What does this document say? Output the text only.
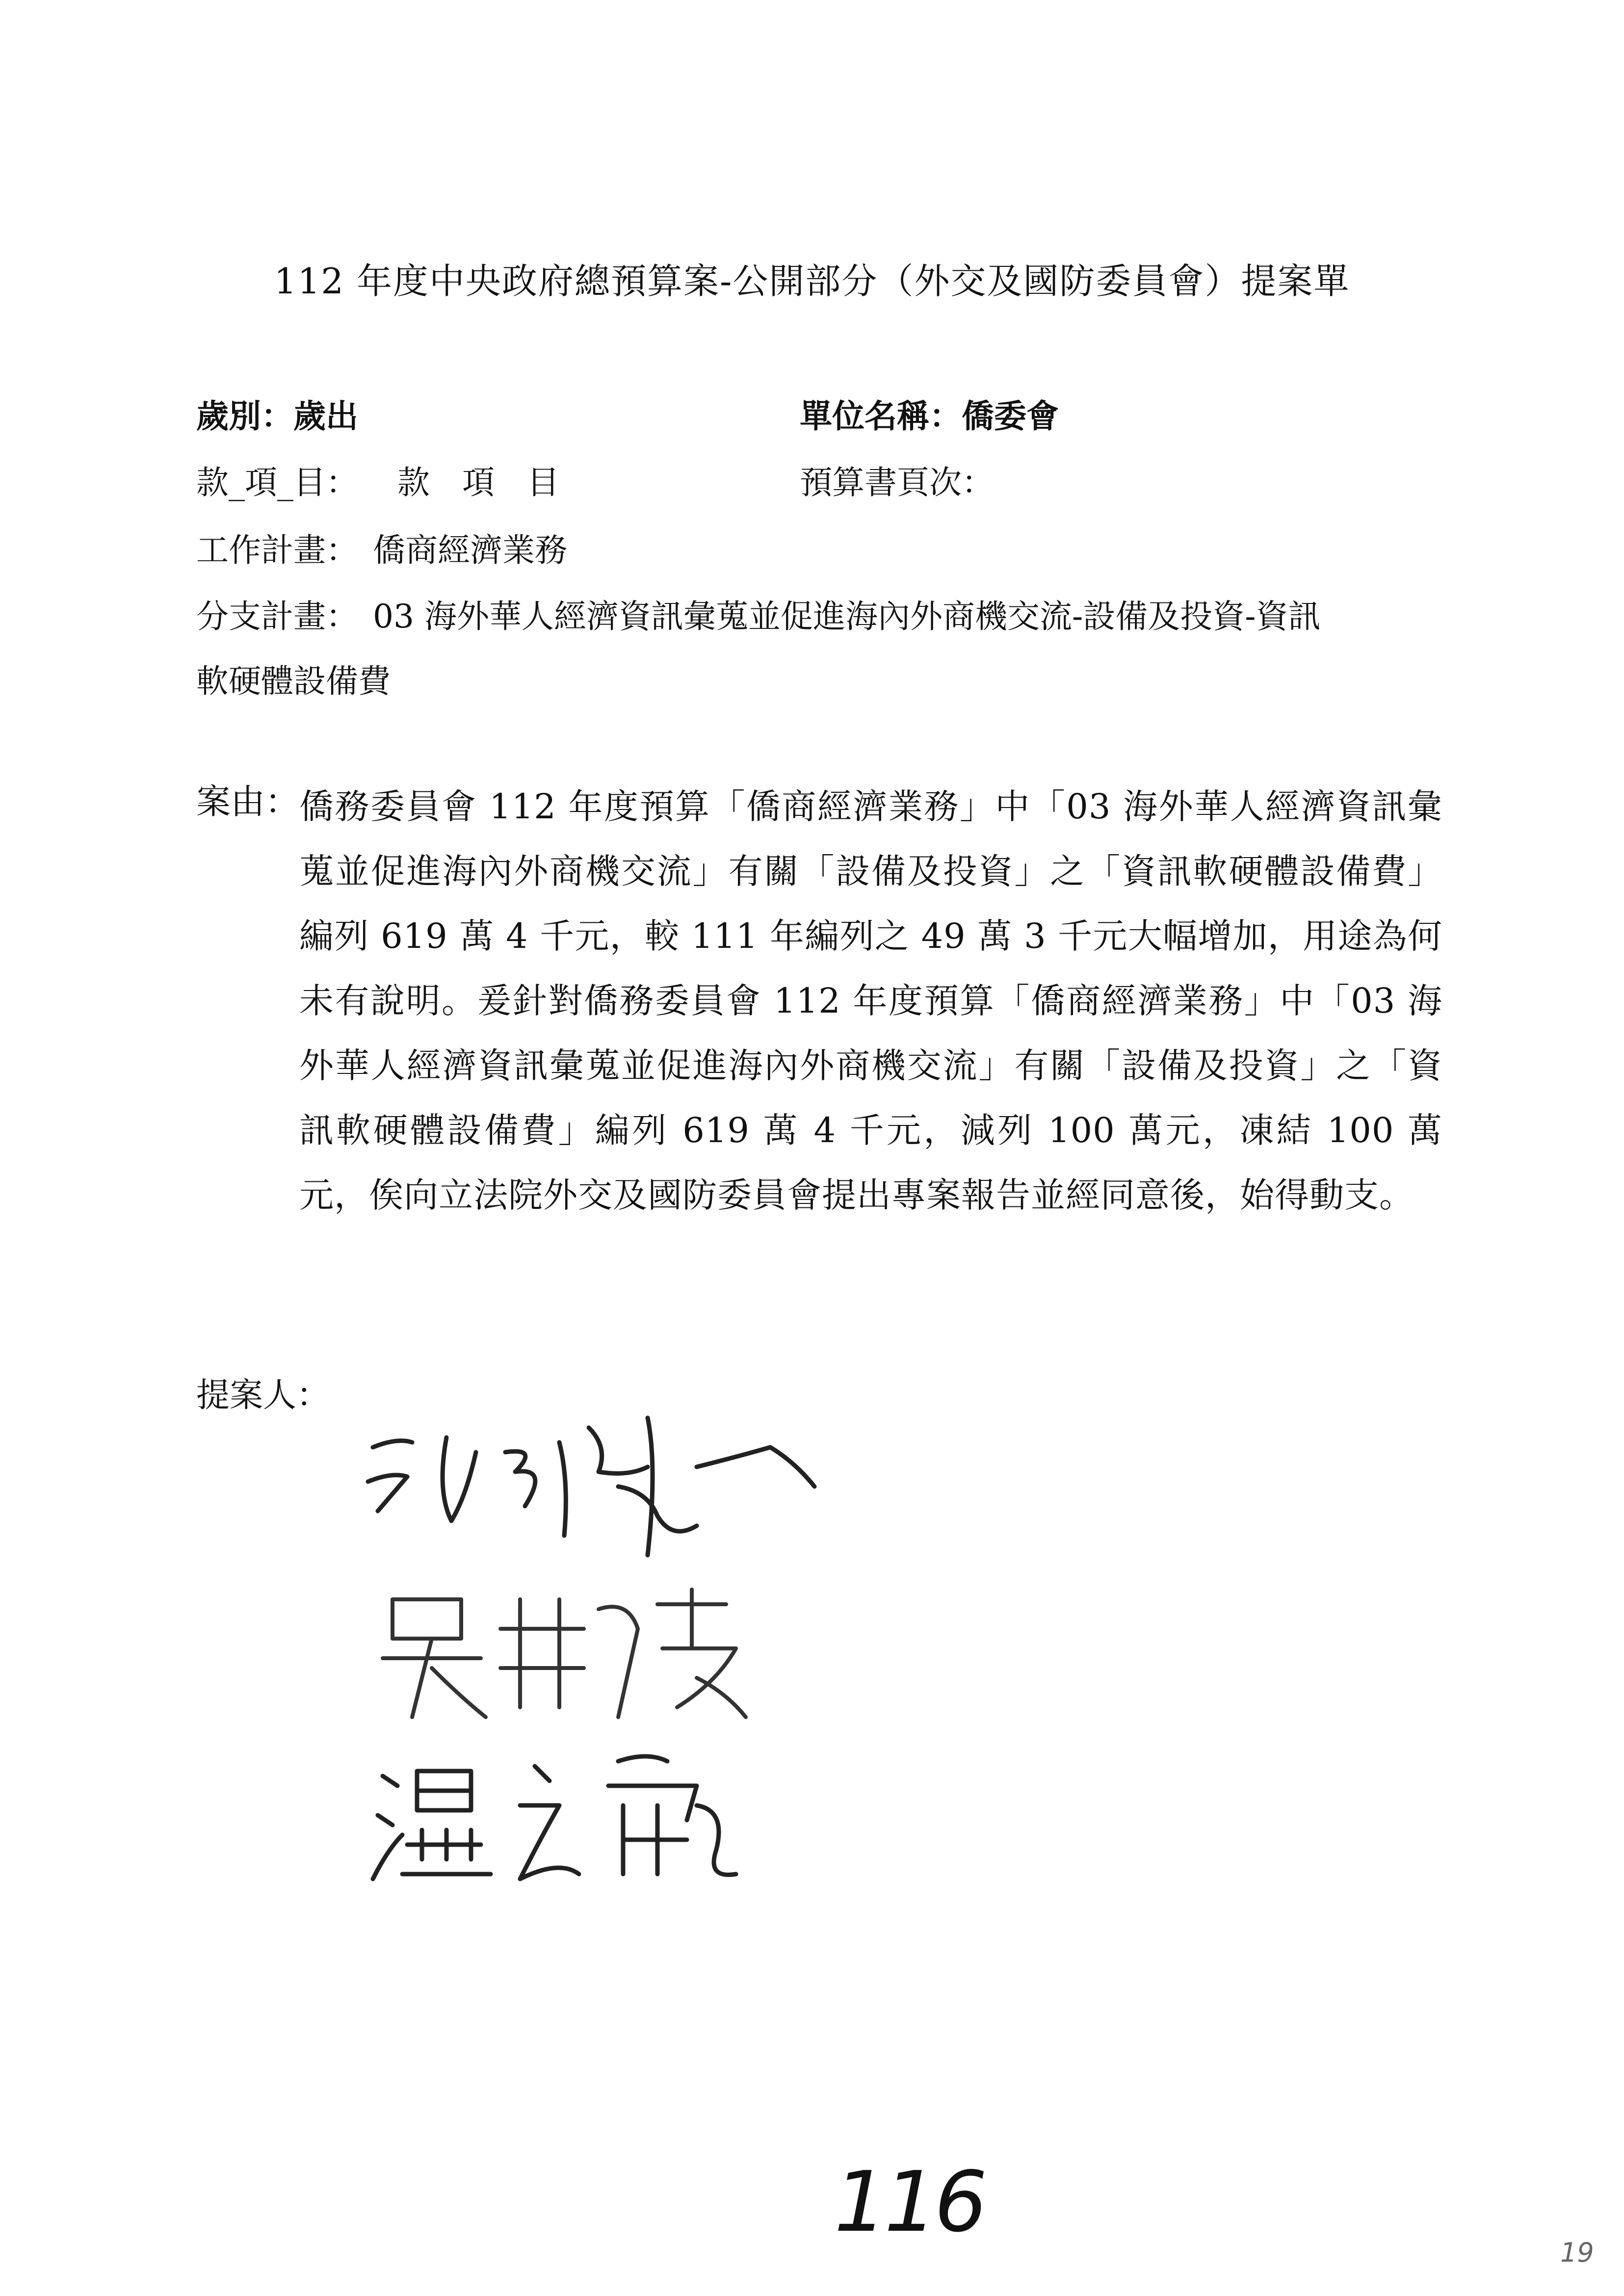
112 年度中央政府總預算案-公開部分（外交及國防委員會）提案單
歲別：歲出	單位名稱：僑委會
款_項_目： 款　項　目	預算書頁次：
工作計畫： 僑商經濟業務
分支計畫： 03 海外華人經濟資訊彙蒐並促進海內外商機交流-設備及投資-資訊
軟硬體設備費
案由： 僑務委員會 112 年度預算「僑商經濟業務」中「03 海外華人經濟資訊彙蒐並促進海內外商機交流」有關「設備及投資」之「資訊軟硬體設備費」編列 619 萬 4 千元，較 111 年編列之 49 萬 3 千元大幅增加，用途為何未有說明。爰針對僑務委員會 112 年度預算「僑商經濟業務」中「03 海外華人經濟資訊彙蒐並促進海內外商機交流」有關「設備及投資」之「資訊軟硬體設備費」編列 619 萬 4 千元，減列 100 萬元，凍結 100 萬元，俟向立法院外交及國防委員會提出專案報告並經同意後，始得動支。
提案人：
116
19
